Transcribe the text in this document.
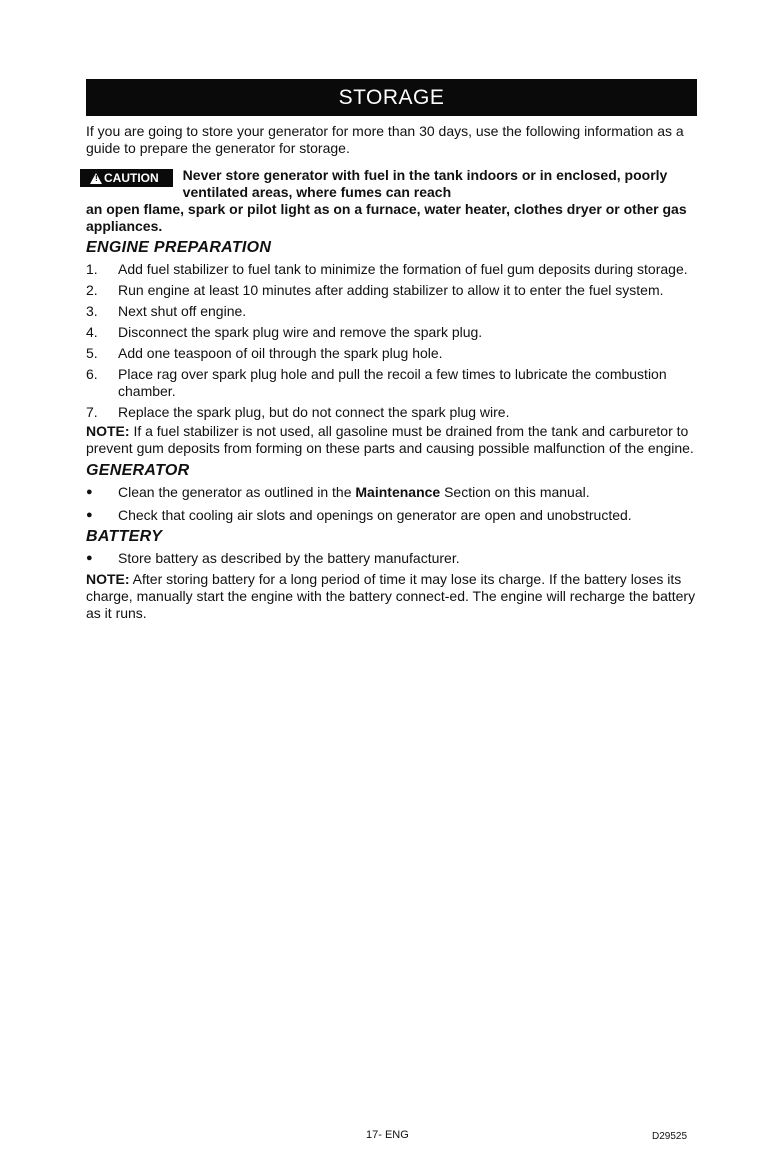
STORAGE

If you are going to store your generator for more than 30 days, use the following information as a guide to prepare the generator for storage.

! CAUTION Never store generator with fuel in the tank indoors or in enclosed, poorly ventilated areas, where fumes can reach
an open flame, spark or pilot light as on a furnace, water heater, clothes dryer or other gas appliances.
ENGINE PREPARATION
1.	Add fuel stabilizer to fuel tank to minimize the formation of fuel gum deposits during storage.
2.	Run engine at least 10 minutes after adding stabilizer to allow it to enter the fuel system.
3.	Next shut off engine.
4.	Disconnect the spark plug wire and remove the spark plug.
5.	Add one teaspoon of oil through the spark plug hole.
6.	Place rag over spark plug hole and pull the recoil a few times to lubricate the combustion chamber.
7.	Replace the spark plug, but do not connect the spark plug wire.

NOTE: If a fuel stabilizer is not used, all gasoline must be drained from the tank and carburetor to prevent gum deposits from forming on these parts and causing possible malfunction of the engine.

GENERATOR
●	Clean the generator as outlined in the Maintenance Section on this manual.
●	Check that cooling air slots and openings on generator are open and unobstructed.
BATTERY
●	Store battery as described by the battery manufacturer.

NOTE: After storing battery for a long period of time it may lose its charge. If the battery loses its charge, manually start the engine with the battery connect-ed. The engine will recharge the battery as it runs.

17- ENG	D29525
